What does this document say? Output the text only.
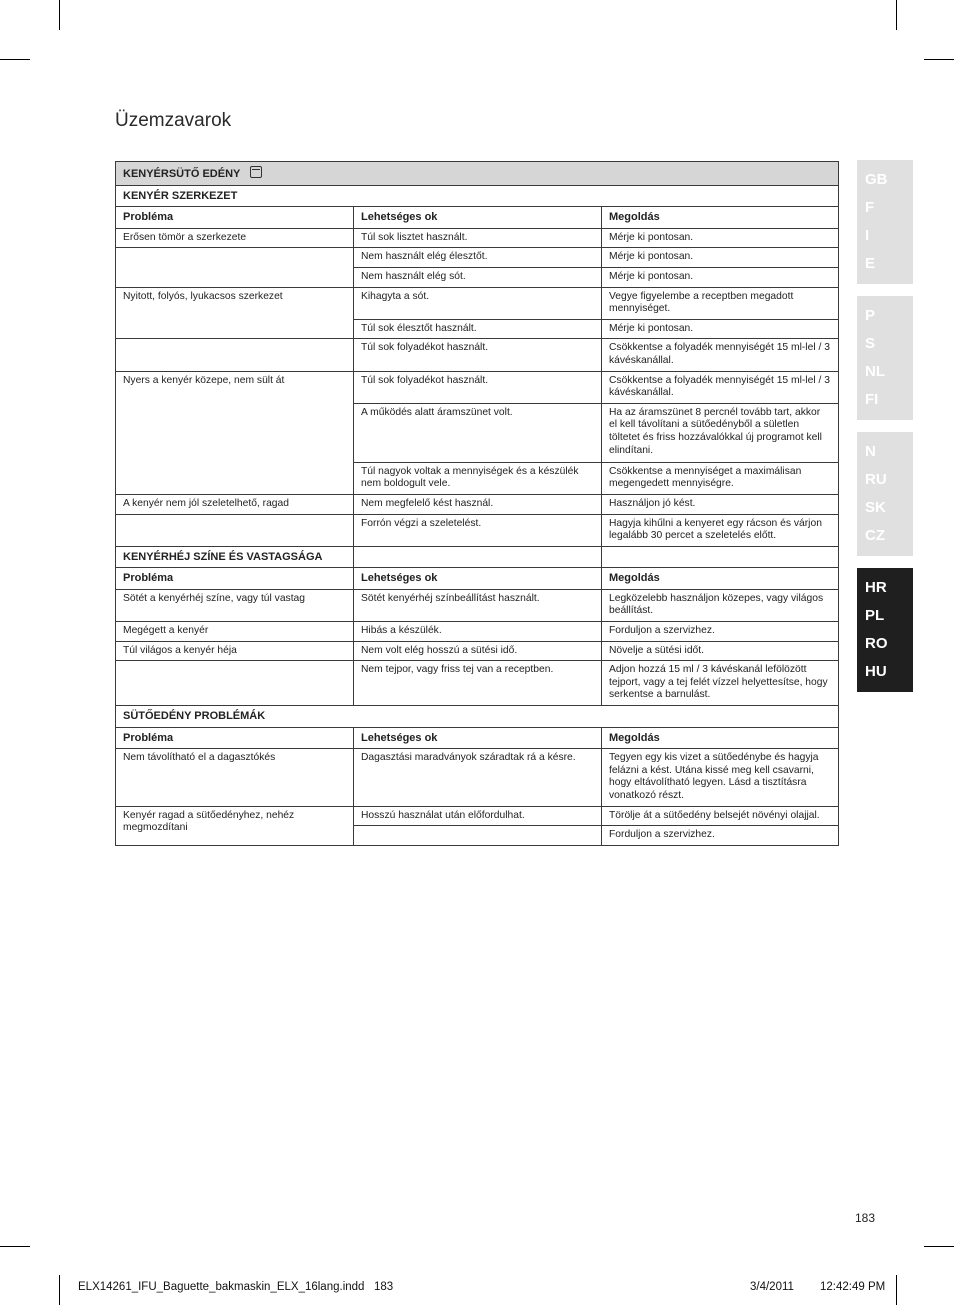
Üzemzavarok
KENYÉRSÜTŐ EDÉNY		
KENYÉR SZERKEZET		
Probléma	Lehetséges ok	Megoldás
Erősen tömör a szerkezete	Túl sok lisztet használt.	Mérje ki pontosan.
	Nem használt elég élesztőt.	Mérje ki pontosan.
	Nem használt elég sót.	Mérje ki pontosan.
Nyitott, folyós, lyukacsos szerkezet	Kihagyta a sót.	Vegye figyelembe a receptben megadott mennyiséget.
	Túl sok élesztőt használt.	Mérje ki pontosan.
	Túl sok folyadékot használt.	Csökkentse a folyadék mennyiségét 15 ml-lel / 3 kávéskanállal.
Nyers a kenyér közepe, nem sült át	Túl sok folyadékot használt.	Csökkentse a folyadék mennyiségét 15 ml-lel / 3 kávéskanállal.
	A működés alatt áramszünet volt.	Ha az áramszünet 8 percnél tovább tart, akkor el kell távolítani a sütőedényből a sületlen töltetet és friss hozzávalókkal új programot kell elindítani.
	Túl nagyok voltak a mennyiségek és a készülék nem boldogult vele.	Csökkentse a mennyiséget a maximálisan megengedett mennyiségre.
A kenyér nem jól szeletelhető, ragad	Nem megfelelő kést használ.	Használjon jó kést.
	Forrón végzi a szeletelést.	Hagyja kihűlni a kenyeret egy rácson és várjon legalább 30 percet a szeletelés előtt.
KENYÉRHÉJ SZÍNE ÉS VASTAGSÁGA		
Probléma	Lehetséges ok	Megoldás
Sötét a kenyérhéj színe, vagy túl vastag	Sötét kenyérhéj színbeállítást használt.	Legközelebb használjon közepes, vagy világos beállítást.
Megégett a kenyér	Hibás a készülék.	Forduljon a szervizhez.
Túl világos a kenyér héja	Nem volt elég hosszú a sütési idő.	Növelje a sütési időt.
	Nem tejpor, vagy friss tej van a receptben.	Adjon hozzá 15 ml / 3 kávéskanál lefölözött tejport, vagy a tej felét vízzel helyettesítse, hogy serkentse a barnulást.
SÜTŐEDÉNY PROBLÉMÁK		
Probléma	Lehetséges ok	Megoldás
Nem távolítható el a dagasztókés	Dagasztási maradványok száradtak rá a késre.	Tegyen egy kis vizet a sütőedénybe és hagyja felázni a kést. Utána kissé meg kell csavarni, hogy eltávolítható legyen. Lásd a tisztításra vonatkozó részt.
Kenyér ragad a sütőedényhez, nehéz megmozdítani	Hosszú használat után előfordulhat.	Törölje át a sütőedény belsejét növényi olajjal.
		Forduljon a szervizhez.
GB
F
I
E
P
S
NL
FI
N
RU
SK
CZ
HR
PL
RO
HU
183
ELX14261_IFU_Baguette_bakmaskin_ELX_16lang.indd   183	3/4/2011 12:42:49 PM
